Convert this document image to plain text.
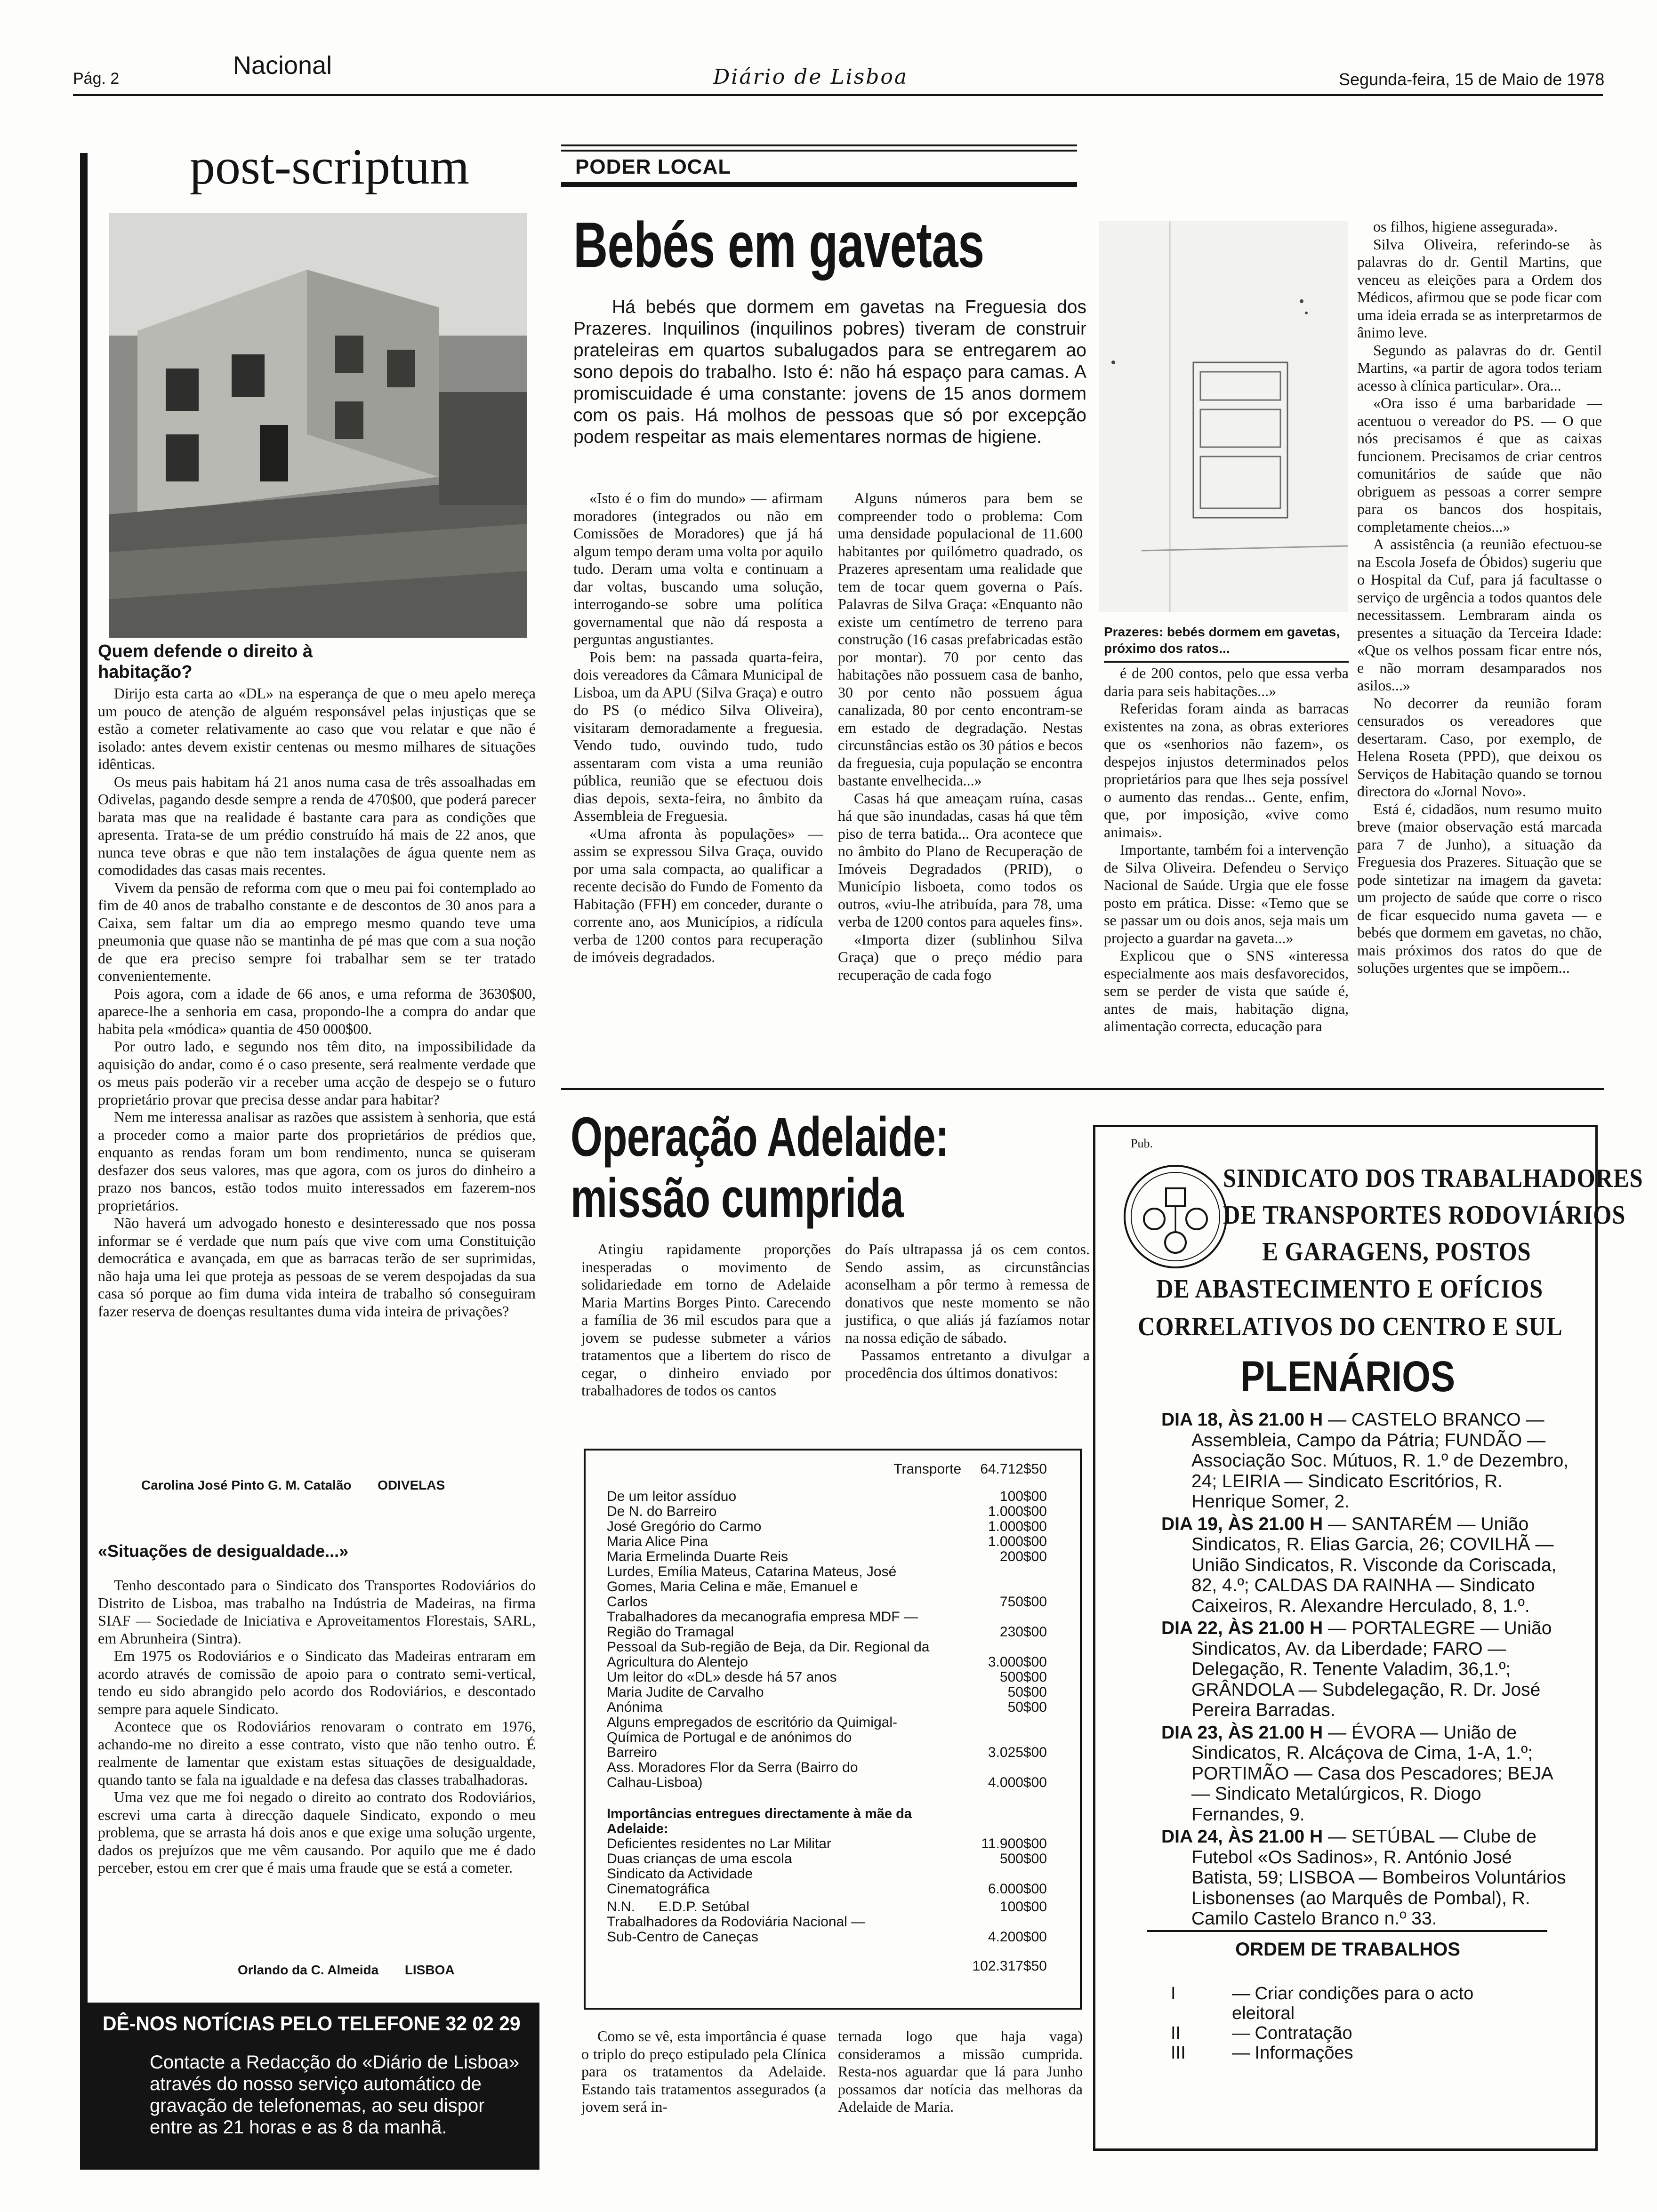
Pág. 2	Nacional	Diário de Lisboa	Segunda-feira, 15 de Maio de 1978
post-scriptum
Quem defende o direito à habitação?

Dirijo esta carta ao «DL» na esperança de que o meu apelo mereça um pouco de atenção de alguém responsável pelas injustiças que se estão a cometer relativamente ao caso que vou relatar e que não é isolado: antes devem existir centenas ou mesmo milhares de situações idênticas.

Os meus pais habitam há 21 anos numa casa de três assoalhadas em Odivelas, pagando desde sempre a renda de 470$00, que poderá parecer barata mas que na realidade é bastante cara para as condições que apresenta. Trata-se de um prédio construído há mais de 22 anos, que nunca teve obras e que não tem instalações de água quente nem as comodidades das casas mais recentes.

Vivem da pensão de reforma com que o meu pai foi contemplado ao fim de 40 anos de trabalho constante e de descontos de 30 anos para a Caixa, sem faltar um dia ao emprego mesmo quando teve uma pneumonia que quase não se mantinha de pé mas que com a sua noção de que era preciso sempre foi trabalhar sem se ter tratado convenientemente.

Pois agora, com a idade de 66 anos, e uma reforma de 3630$00, aparece-lhe a senhoria em casa, propondo-lhe a compra do andar que habita pela «módica» quantia de 450 000$00.

Por outro lado, e segundo nos têm dito, na impossibilidade da aquisição do andar, como é o caso presente, será realmente verdade que os meus pais poderão vir a receber uma acção de despejo se o futuro proprietário provar que precisa desse andar para habitar?

Nem me interessa analisar as razões que assistem à senhoria, que está a proceder como a maior parte dos proprietários de prédios que, enquanto as rendas foram um bom rendimento, nunca se quiseram desfazer dos seus valores, mas que agora, com os juros do dinheiro a prazo nos bancos, estão todos muito interessados em fazerem-nos proprietários.

Não haverá um advogado honesto e desinteressado que nos possa informar se é verdade que num país que vive com uma Constituição democrática e avançada, em que as barracas terão de ser suprimidas, não haja uma lei que proteja as pessoas de se verem despojadas da sua casa só porque ao fim duma vida inteira de trabalho só conseguiram fazer reserva de doenças resultantes duma vida inteira de privações?

Carolina José Pinto G. M. Catalão ODIVELAS
«Situações de desigualdade...»

Tenho descontado para o Sindicato dos Transportes Rodoviários do Distrito de Lisboa, mas trabalho na Indústria de Madeiras, na firma SIAF — Sociedade de Iniciativa e Aproveitamentos Florestais, SARL, em Abrunheira (Sintra).

Em 1975 os Rodoviários e o Sindicato das Madeiras entraram em acordo através de comissão de apoio para o contrato semi-vertical, tendo eu sido abrangido pelo acordo dos Rodoviários, e descontado sempre para aquele Sindicato.

Acontece que os Rodoviários renovaram o contrato em 1976, achando-me no direito a esse contrato, visto que não tenho outro. É realmente de lamentar que existam estas situações de desigualdade, quando tanto se fala na igualdade e na defesa das classes trabalhadoras.

Uma vez que me foi negado o direito ao contrato dos Rodoviários, escrevi uma carta à direcção daquele Sindicato, expondo o meu problema, que se arrasta há dois anos e que exige uma solução urgente, dados os prejuízos que me vêm causando. Por aquilo que me é dado perceber, estou em crer que é mais uma fraude que se está a cometer.

Orlando da C. Almeida LISBOA
DÊ-NOS NOTÍCIAS PELO TELEFONE 32 02 29
Contacte a Redacção do «Diário de Lisboa» através do nosso serviço automático de gravação de telefonemas, ao seu dispor entre as 21 horas e as 8 da manhã.
PODER LOCAL
Bebés em gavetas
Há bebés que dormem em gavetas na Freguesia dos Prazeres. Inquilinos (inquilinos pobres) tiveram de construir prateleiras em quartos subalugados para se entregarem ao sono depois do trabalho. Isto é: não há espaço para camas. A promiscuidade é uma constante: jovens de 15 anos dormem com os pais. Há molhos de pessoas que só por excepção podem respeitar as mais elementares normas de higiene.

«Isto é o fim do mundo» — afirmam moradores (integrados ou não em Comissões de Moradores) que já há algum tempo deram uma volta por aquilo tudo. Deram uma volta e continuam a dar voltas, buscando uma solução, interrogando-se sobre uma política governamental que não dá resposta a perguntas angustiantes.

Pois bem: na passada quarta-feira, dois vereadores da Câmara Municipal de Lisboa, um da APU (Silva Graça) e outro do PS (o médico Silva Oliveira), visitaram demoradamente a freguesia. Vendo tudo, ouvindo tudo, tudo assentaram com vista a uma reunião pública, reunião que se efectuou dois dias depois, sexta-feira, no âmbito da Assembleia de Freguesia.

«Uma afronta às populações» — assim se expressou Silva Graça, ouvido por uma sala compacta, ao qualificar a recente decisão do Fundo de Fomento da Habitação (FFH) em conceder, durante o corrente ano, aos Municípios, a ridícula verba de 1200 contos para recuperação de imóveis degradados.

Alguns números para bem se compreender todo o problema: Com uma densidade populacional de 11.600 habitantes por quilómetro quadrado, os Prazeres apresentam uma realidade que tem de tocar quem governa o País. Palavras de Silva Graça: «Enquanto não existe um centímetro de terreno para construção (16 casas prefabricadas estão por montar). 70 por cento das habitações não possuem casa de banho, 30 por cento não possuem água canalizada, 80 por cento encontram-se em estado de degradação. Nestas circunstâncias estão os 30 pátios e becos da freguesia, cuja população se encontra bastante envelhecida...»

Casas há que ameaçam ruína, casas há que são inundadas, casas há que têm piso de terra batida... Ora acontece que no âmbito do Plano de Recuperação de Imóveis Degradados (PRID), o Município lisboeta, como todos os outros, «viu-lhe atribuída, para 78, uma verba de 1200 contos para aqueles fins».

«Importa dizer (sublinhou Silva Graça) que o preço médio para recuperação de cada fogo

Prazeres: bebés dormem em gavetas, próximo dos ratos...

é de 200 contos, pelo que essa verba daria para seis habitações...»

Referidas foram ainda as barracas existentes na zona, as obras exteriores que os «senhorios não fazem», os despejos injustos determinados pelos proprietários para que lhes seja possível o aumento das rendas... Gente, enfim, que, por imposição, «vive como animais».

Importante, também foi a intervenção de Silva Oliveira. Defendeu o Serviço Nacional de Saúde. Urgia que ele fosse posto em prática. Disse: «Temo que se se passar um ou dois anos, seja mais um projecto a guardar na gaveta...»

Explicou que o SNS «interessa especialmente aos mais desfavorecidos, sem se perder de vista que saúde é, antes de mais, habitação digna, alimentação correcta, educação para

os filhos, higiene assegurada».

Silva Oliveira, referindo-se às palavras do dr. Gentil Martins, que venceu as eleições para a Ordem dos Médicos, afirmou que se pode ficar com uma ideia errada se as interpretarmos de ânimo leve.

Segundo as palavras do dr. Gentil Martins, «a partir de agora todos teriam acesso à clínica particular». Ora...

«Ora isso é uma barbaridade — acentuou o vereador do PS. — O que nós precisamos é que as caixas funcionem. Precisamos de criar centros comunitários de saúde que não obriguem as pessoas a correr sempre para os bancos dos hospitais, completamente cheios...»

A assistência (a reunião efectuou-se na Escola Josefa de Óbidos) sugeriu que o Hospital da Cuf, para já facultasse o serviço de urgência a todos quantos dele necessitassem. Lembraram ainda os presentes a situação da Terceira Idade: «Que os velhos possam ficar entre nós, e não morram desamparados nos asilos...»

No decorrer da reunião foram censurados os vereadores que desertaram. Caso, por exemplo, de Helena Roseta (PPD), que deixou os Serviços de Habitação quando se tornou directora do «Jornal Novo».

Está é, cidadãos, num resumo muito breve (maior observação está marcada para 7 de Junho), a situação da Freguesia dos Prazeres. Situação que se pode sintetizar na imagem da gaveta: um projecto de saúde que corre o risco de ficar esquecido numa gaveta — e bebés que dormem em gavetas, no chão, mais próximos dos ratos do que de soluções urgentes que se impõem...

Operação Adelaide:
missão cumprida

Atingiu rapidamente proporções inesperadas o movimento de solidariedade em torno de Adelaide Maria Martins Borges Pinto. Carecendo a família de 36 mil escudos para que a jovem se pudesse submeter a vários tratamentos que a libertem do risco de cegar, o dinheiro enviado por trabalhadores de todos os cantos

do País ultrapassa já os cem contos. Sendo assim, as circunstâncias aconselham a pôr termo à remessa de donativos que neste momento se não justifica, o que aliás já fazíamos notar na nossa edição de sábado.

Passamos entretanto a divulgar a procedência dos últimos donativos:

Transporte 64.712$50
De um leitor assíduo	100$00
De N. do Barreiro	1.000$00
José Gregório do Carmo	1.000$00
Maria Alice Pina	1.000$00
Maria Ermelinda Duarte Reis	200$00
Lurdes, Emília Mateus, Catarina Mateus, José Gomes, Maria Celina e mãe, Emanuel e Carlos	750$00
Trabalhadores da mecanografia empresa MDF — Região do Tramagal	230$00
Pessoal da Sub-região de Beja, da Dir. Regional da Agricultura do Alentejo	3.000$00
Um leitor do «DL» desde há 57 anos	500$00
Maria Judite de Carvalho	50$00
Anónima	50$00
Alguns empregados de escritório da Quimigal-Química de Portugal e de anónimos do Barreiro	3.025$00
Ass. Moradores Flor da Serra (Bairro do Calhau-Lisboa)	4.000$00
Importâncias entregues directamente à mãe da Adelaide:
Deficientes residentes no Lar Militar	11.900$00
Duas crianças de uma escola	500$00
Sindicato da Actividade Cinematográfica	6.000$00
N.N. E.D.P. Setúbal	100$00
Trabalhadores da Rodoviária Nacional — Sub-Centro de Caneças	4.200$00
102.317$50

Como se vê, esta importância é quase o triplo do preço estipulado pela Clínica para os tratamentos da Adelaide. Estando tais tratamentos assegurados (a jovem será in-

ternada logo que haja vaga) consideramos a missão cumprida. Resta-nos aguardar que lá para Junho possamos dar notícia das melhoras da Adelaide de Maria.

Pub.
SINDICATO DOS TRABALHADORES
DE TRANSPORTES RODOVIÁRIOS
E GARAGENS, POSTOS
DE ABASTECIMENTO E OFÍCIOS
CORRELATIVOS DO CENTRO E SUL
PLENÁRIOS
DIA 18, ÀS 21.00 H — CASTELO BRANCO — Assembleia, Campo da Pátria; FUNDÃO — Associação Soc. Mútuos, R. 1.º de Dezembro, 24; LEIRIA — Sindicato Escritórios, R. Henrique Somer, 2.
DIA 19, ÀS 21.00 H — SANTARÉM — União Sindicatos, R. Elias Garcia, 26; COVILHÃ — União Sindicatos, R. Visconde da Coriscada, 82, 4.º; CALDAS DA RAINHA — Sindicato Caixeiros, R. Alexandre Herculado, 8, 1.º.
DIA 22, ÀS 21.00 H — PORTALEGRE — União Sindicatos, Av. da Liberdade; FARO — Delegação, R. Tenente Valadim, 36,1.º; GRÂNDOLA — Subdelegação, R. Dr. José Pereira Barradas.
DIA 23, ÀS 21.00 H — ÉVORA — União de Sindicatos, R. Alcáçova de Cima, 1-A, 1.º; PORTIMÃO — Casa dos Pescadores; BEJA — Sindicato Metalúrgicos, R. Diogo Fernandes, 9.
DIA 24, ÀS 21.00 H — SETÚBAL — Clube de Futebol «Os Sadinos», R. António José Batista, 59; LISBOA — Bombeiros Voluntários Lisbonenses (ao Marquês de Pombal), R. Camilo Castelo Branco n.º 33.
ORDEM DE TRABALHOS
I	— Criar condições para o acto eleitoral
II	— Contratação
III	— Informações
